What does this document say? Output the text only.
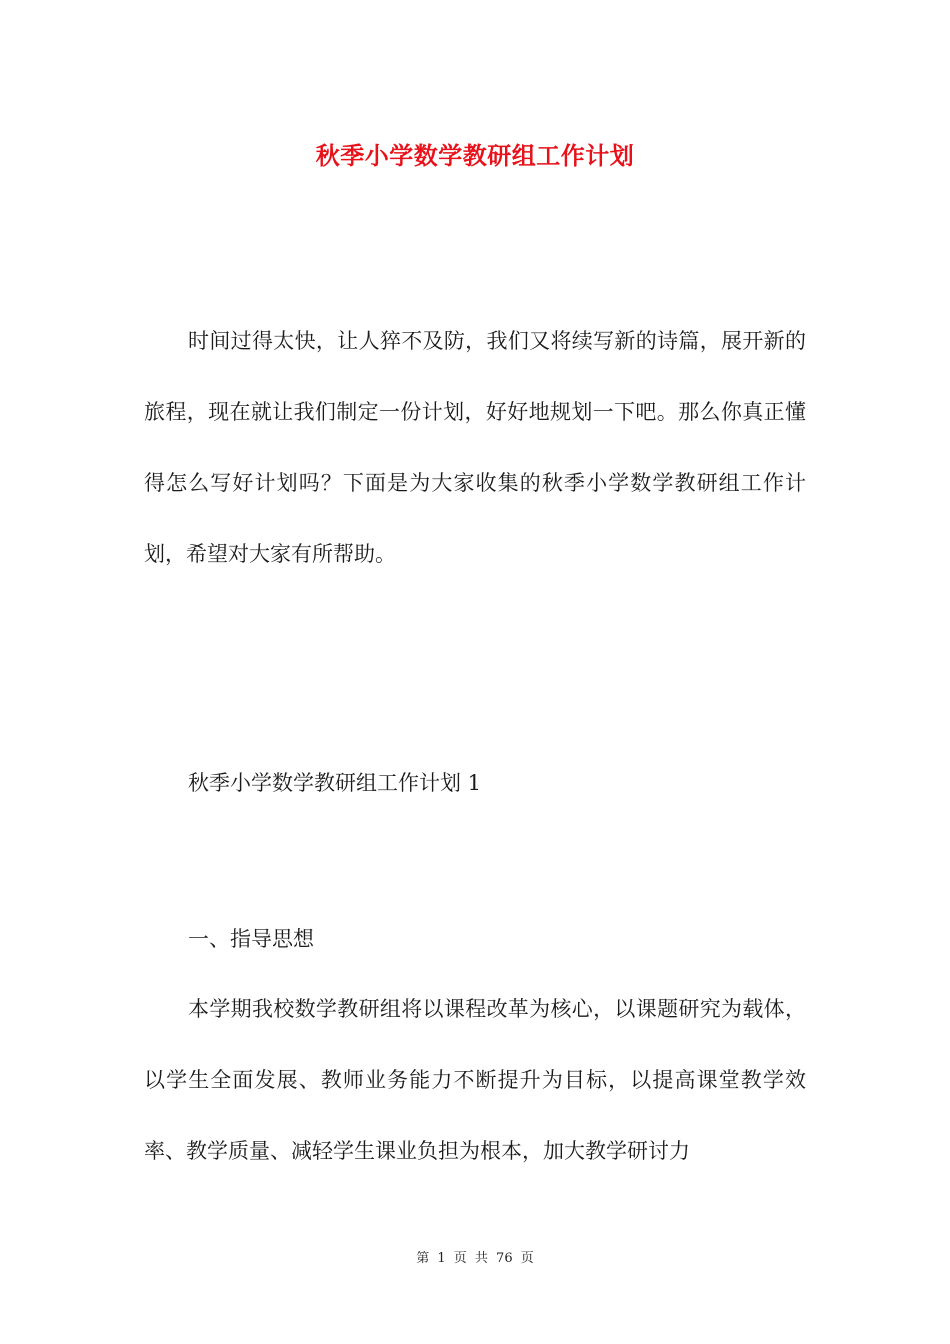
秋季小学数学教研组工作计划

时间过得太快，让人猝不及防，我们又将续写新的诗篇，展开新的旅程，现在就让我们制定一份计划，好好地规划一下吧。那么你真正懂得怎么写好计划吗？下面是为大家收集的秋季小学数学教研组工作计划，希望对大家有所帮助。

秋季小学数学教研组工作计划 1

一、指导思想

本学期我校数学教研组将以课程改革为核心，以课题研究为载体，以学生全面发展、教师业务能力不断提升为目标，以提高课堂教学效率、教学质量、减轻学生课业负担为根本，加大教学研讨力

第 1 页 共 76 页
